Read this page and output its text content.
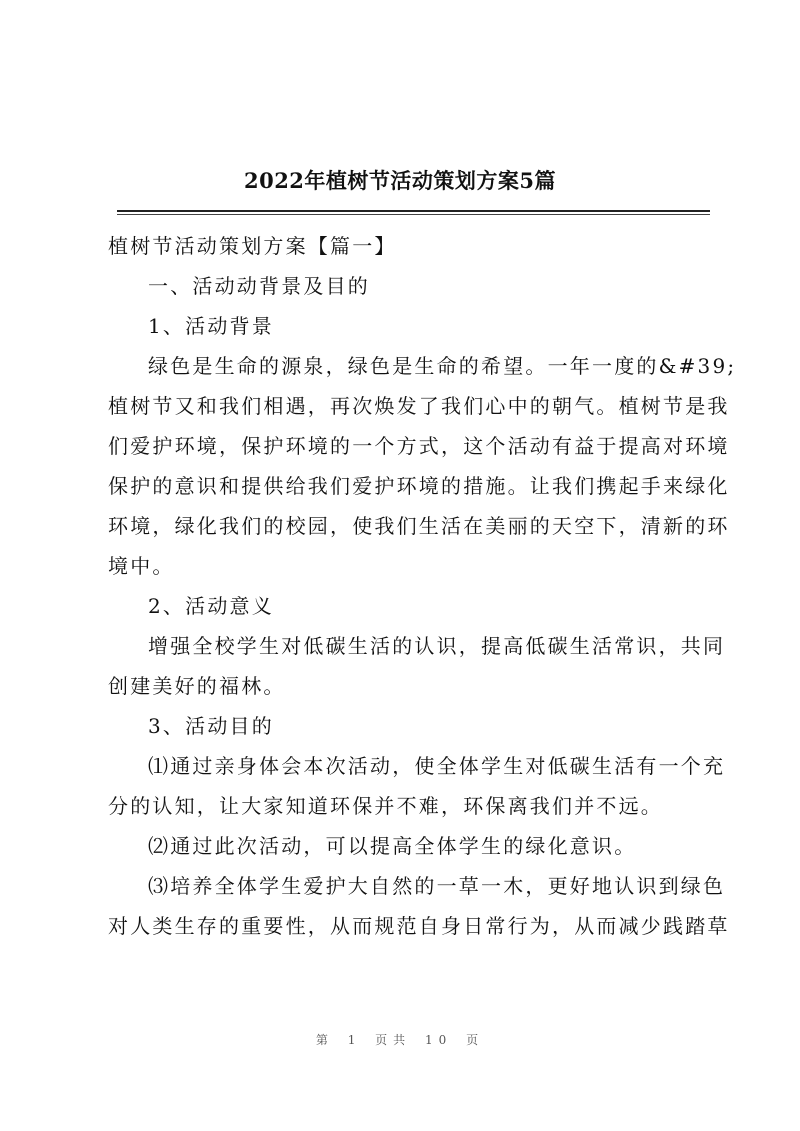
2022年植树节活动策划方案5篇

植树节活动策划方案【篇一】

一、活动动背景及目的

1、活动背景

绿色是生命的源泉，绿色是生命的希望。一年一度的&#39;

植树节又和我们相遇，再次焕发了我们心中的朝气。植树节是我

们爱护环境，保护环境的一个方式，这个活动有益于提高对环境

保护的意识和提供给我们爱护环境的措施。让我们携起手来绿化

环境，绿化我们的校园，使我们生活在美丽的天空下，清新的环

境中。

2、活动意义

增强全校学生对低碳生活的认识，提高低碳生活常识，共同

创建美好的福林。

3、活动目的

⑴通过亲身体会本次活动，使全体学生对低碳生活有一个充

分的认知，让大家知道环保并不难，环保离我们并不远。

⑵通过此次活动，可以提高全体学生的绿化意识。

⑶培养全体学生爱护大自然的一草一木，更好地认识到绿色

对人类生存的重要性，从而规范自身日常行为，从而减少践踏草

第 1 页共 10 页
